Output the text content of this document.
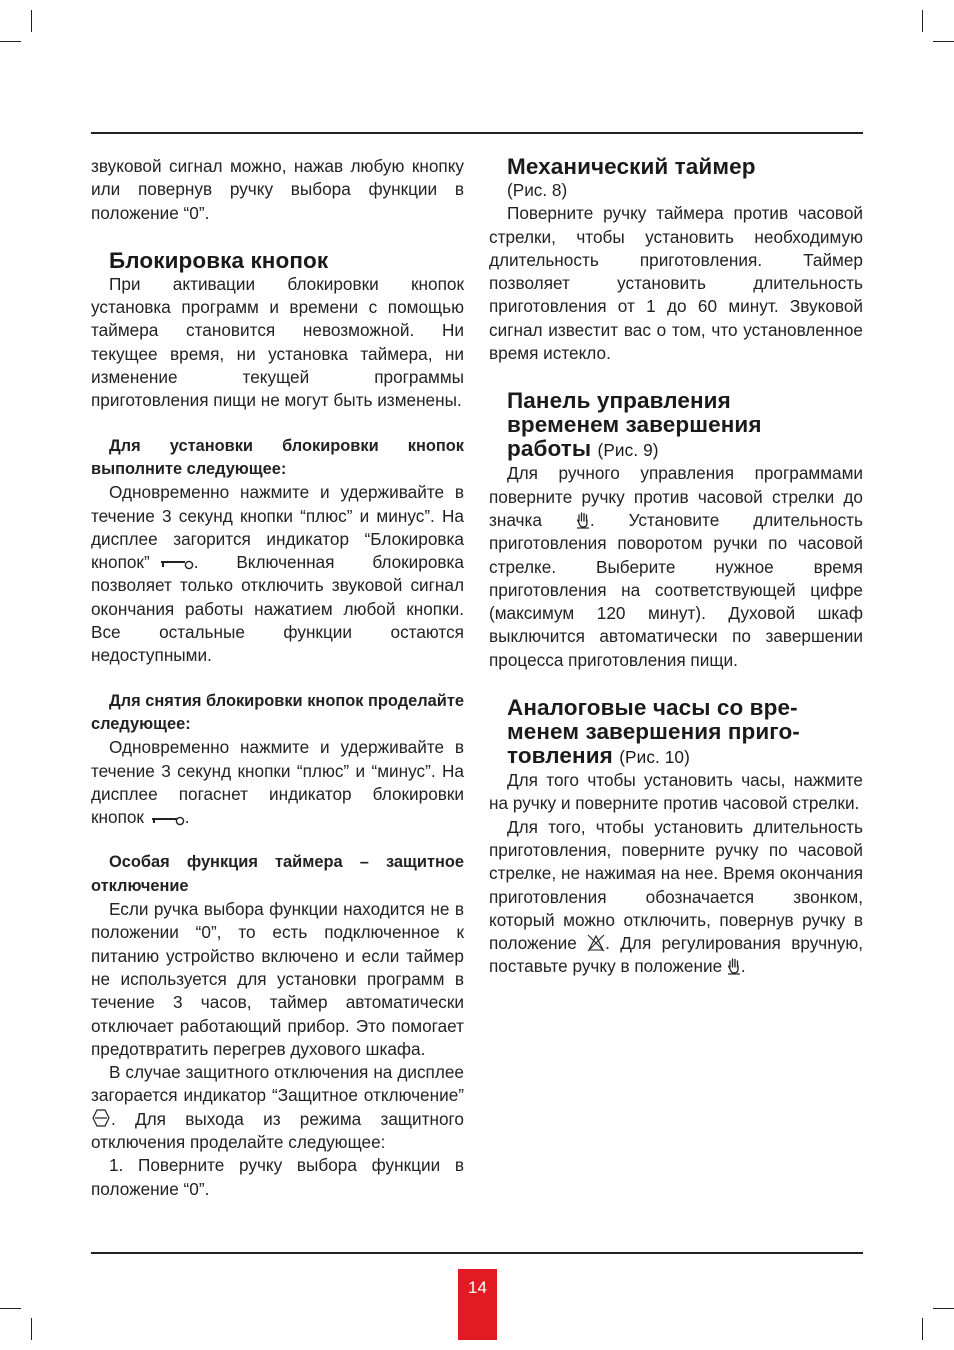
звуковой сигнал можно, нажав любую кнопку или повернув ручку выбора функции в положение “0”.

Блокировка кнопок

При активации блокировки кнопок установка программ и времени с помощью таймера становится невозможной. Ни текущее время, ни установка таймера, ни изменение текущей программы приготовления пищи не могут быть изменены.

Для установки блокировки кнопок выполните следующее:

Одновременно нажмите и удерживайте в течение 3 секунд кнопки “плюс” и минус”. На дисплее загорится индикатор “Блокировка кнопок”	. Включенная блокировка позволяет только отключить звуковой сигнал окончания работы нажатием любой кнопки. Все остальные функции остаются недоступными.

Для снятия блокировки кнопок проделайте следующее:

Одновременно нажмите и удерживайте в течение 3 секунд кнопки “плюс” и “минус”. На дисплее погаснет индикатор блокировки кнопок .

Особая функция таймера – защитное отключение

Если ручка выбора функции находится не в положении “0”, то есть подключенное к питанию устройство включено и если таймер не используется для установки программ в течение 3 часов, таймер автоматически отключает работающий прибор. Это помогает предотвратить перегрев духового шкафа.

В случае защитного отключения на дисплее загорается индикатор “Защитное отключение”. Для выхода из режима защитного отключения проделайте следующее:

1. Поверните ручку выбора функции в положение “0”.

Механический таймер

(Рис. 8)

Поверните ручку таймера против часовой стрелки, чтобы установить необходимую длительность приготовления. Таймер позволяет установить длительность приготовления от 1 до 60 минут. Звуковой сигнал известит вас о том, что установленное время истекло.

Панель управления
временем завершения
работы (Рис. 9)

Для ручного управления программами поверните ручку против часовой стрелки до значка	. Установите длительность приготовления поворотом ручки по часовой стрелке. Выберите нужное время приготовления на соответствующей цифре (максимум 120 минут). Духовой шкаф выключится автоматически по завершении процесса приготовления пищи.

Аналоговые часы со вре-
менем завершения приго-
товления (Рис. 10)

Для того чтобы установить часы, нажмите на ручку и поверните против часовой стрелки.

Для того, чтобы установить длительность приготовления, поверните ручку по часовой стрелке, не нажимая на нее. Время окончания приготовления обозначается звонком, который можно отключить, повернув ручку в положение . Для регулирования вручную, поставьте ручку в положение .

14
